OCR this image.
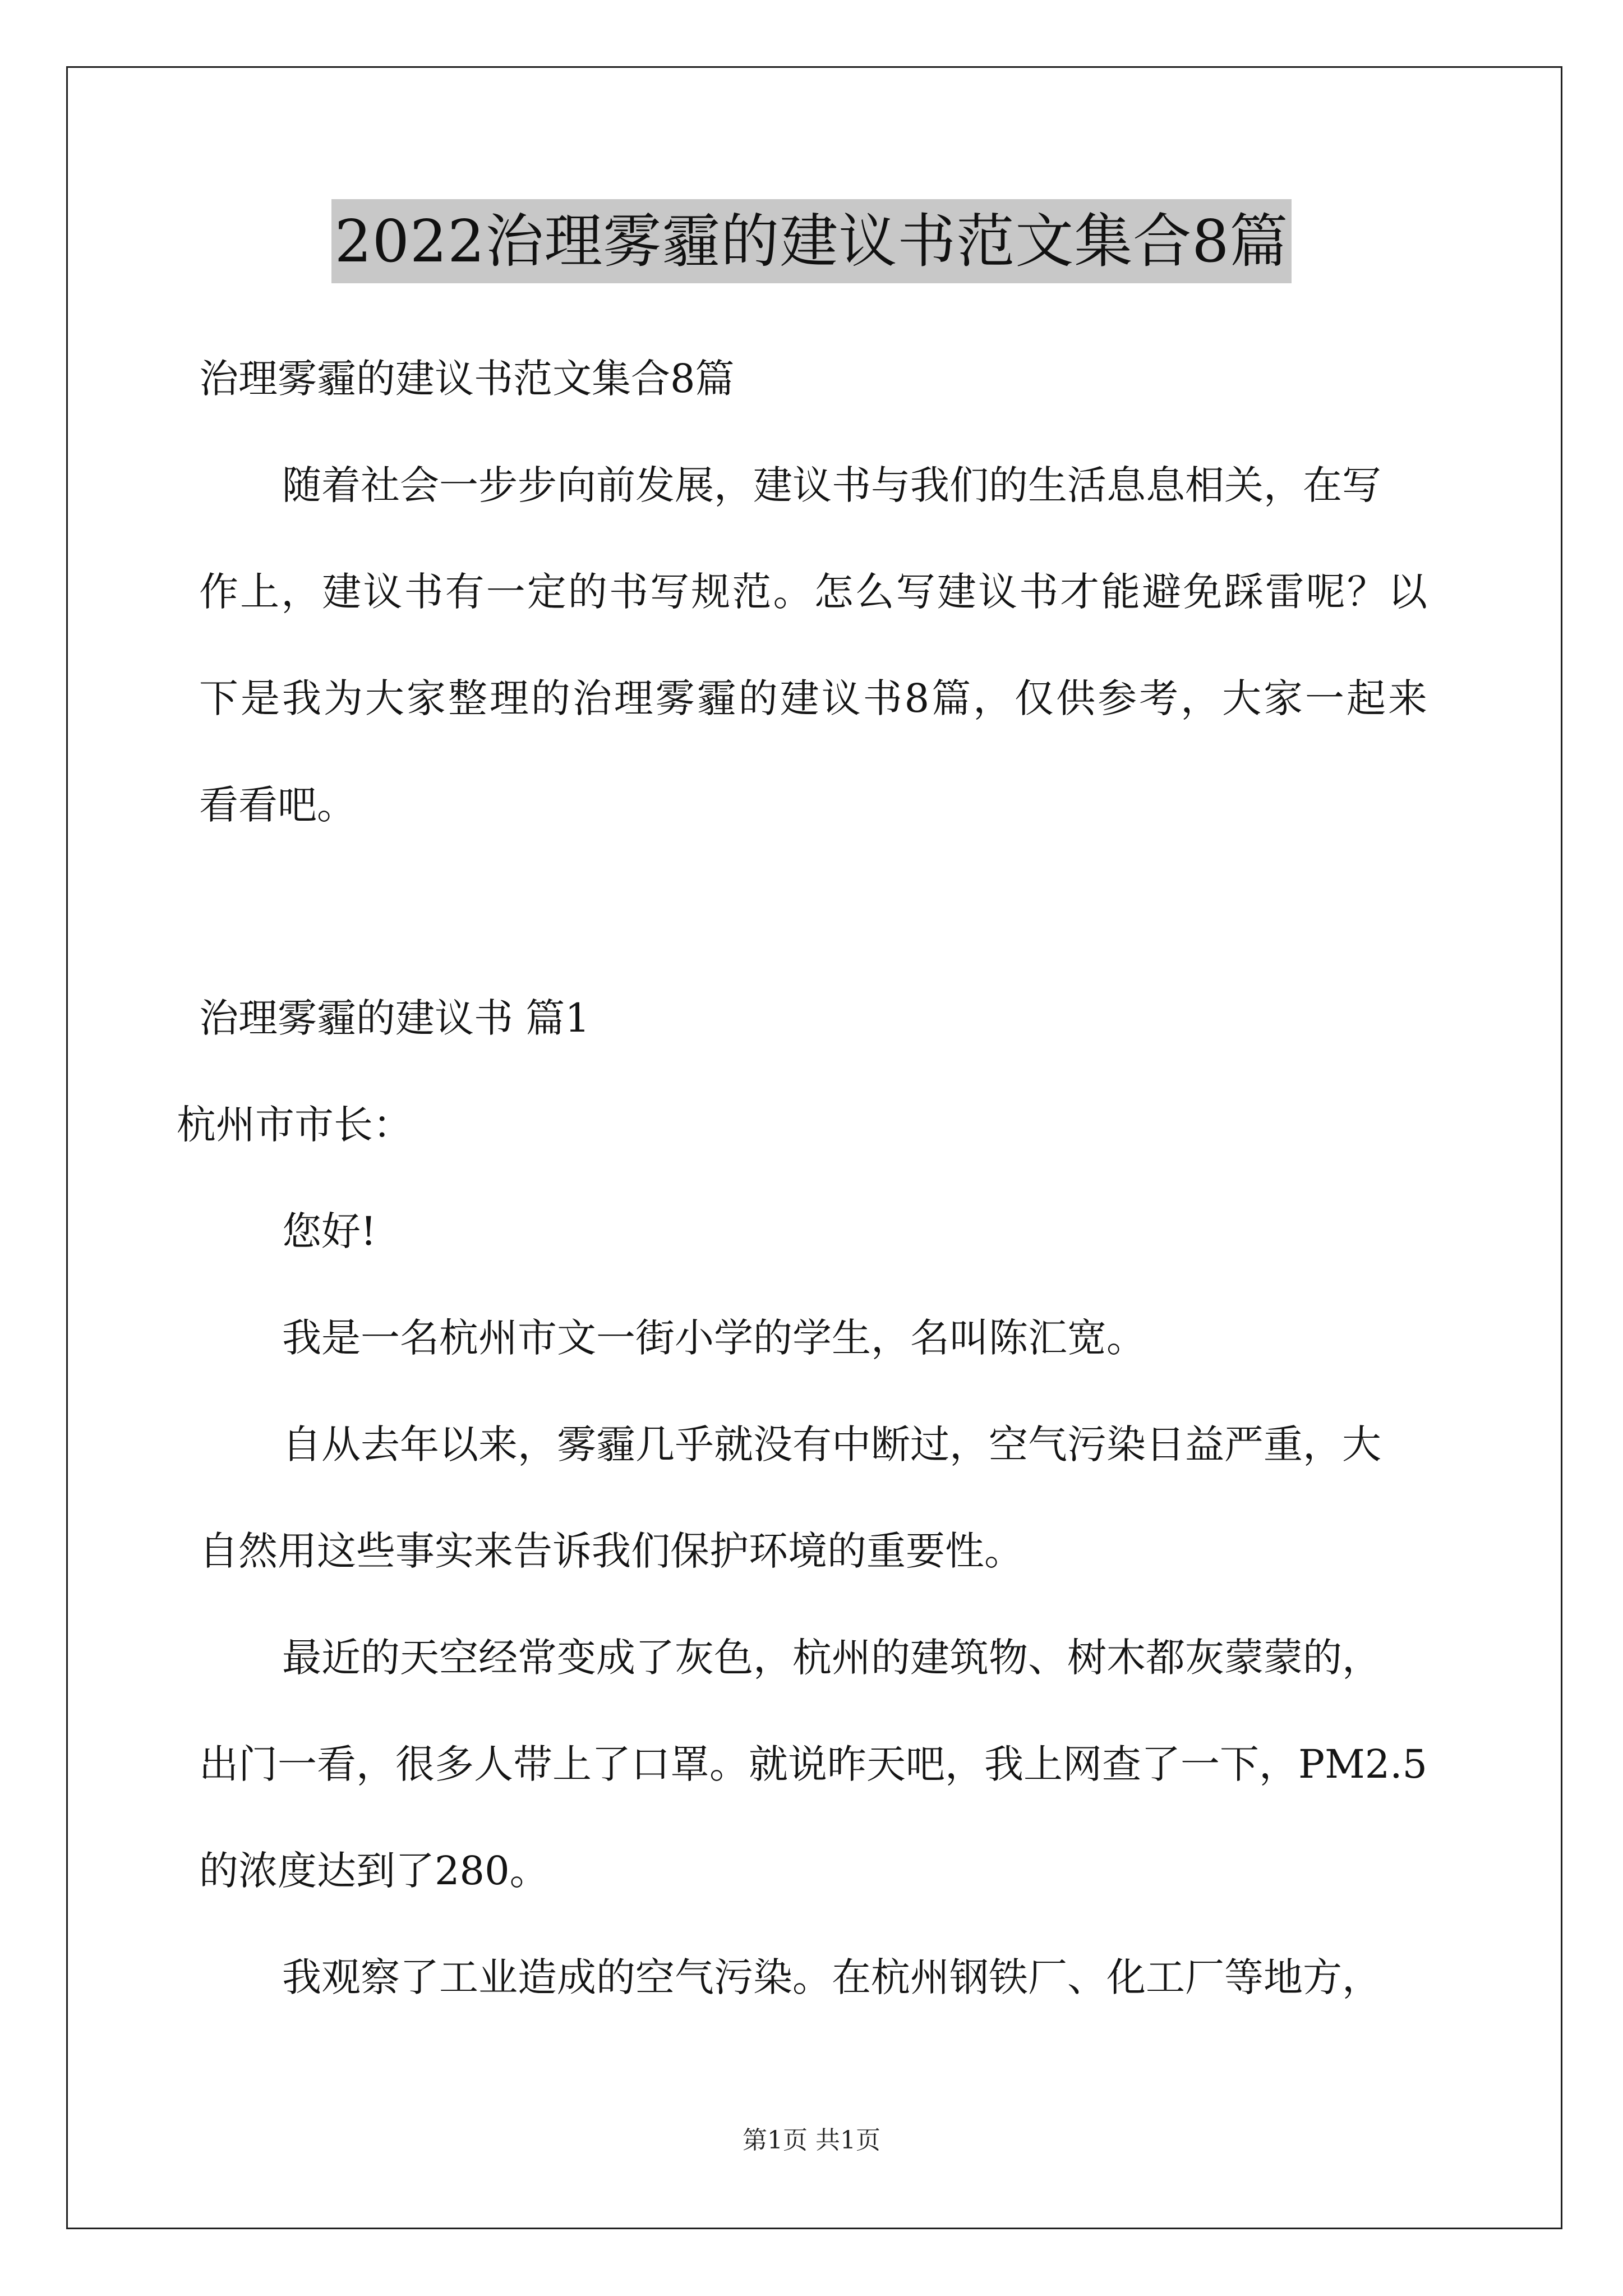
2022治理雾霾的建议书范文集合8篇
治理雾霾的建议书范文集合8篇
随着社会一步步向前发展，建议书与我们的生活息息相关，在写
作上，建议书有一定的书写规范。怎么写建议书才能避免踩雷呢？以
下是我为大家整理的治理雾霾的建议书8篇，仅供参考，大家一起来
看看吧。
治理雾霾的建议书 篇1
杭州市市长：
您好!
我是一名杭州市文一街小学的学生，名叫陈汇宽。
自从去年以来，雾霾几乎就没有中断过，空气污染日益严重，大
自然用这些事实来告诉我们保护环境的重要性。
最近的天空经常变成了灰色，杭州的建筑物、树木都灰蒙蒙的，
出门一看，很多人带上了口罩。就说昨天吧，我上网查了一下，PM2.5
的浓度达到了280。
我观察了工业造成的空气污染。在杭州钢铁厂、化工厂等地方，
第1页 共1页
